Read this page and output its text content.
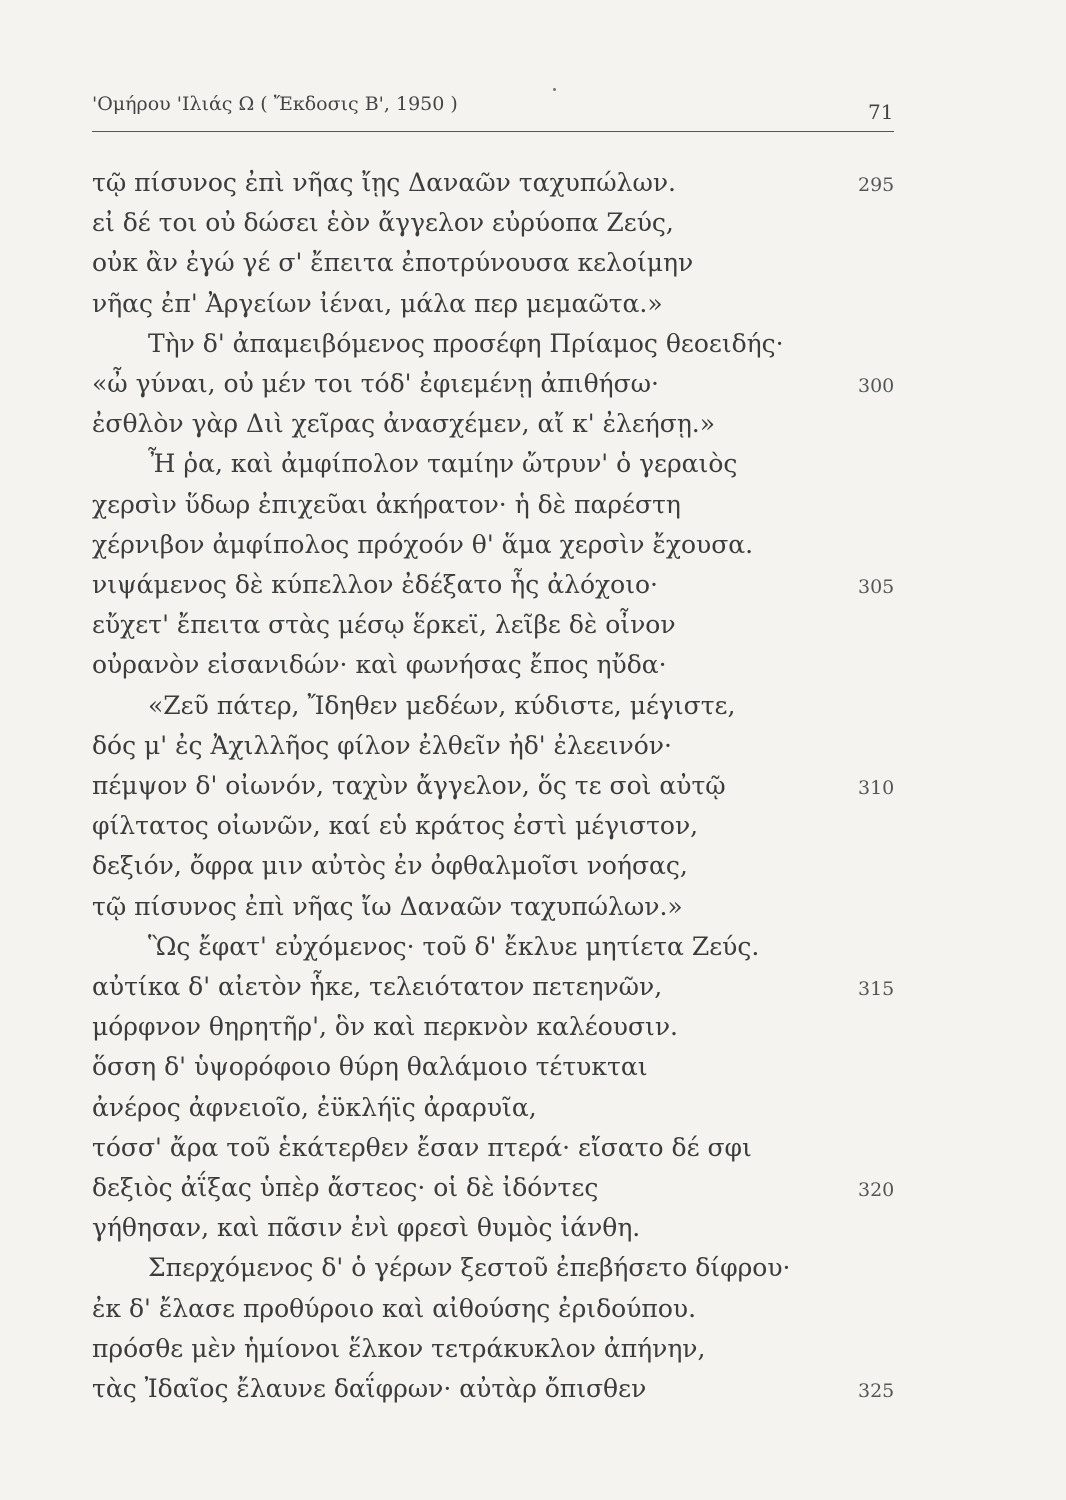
'Ομήρου 'Ιλιάς Ω ( Ἔκδοσις Β', 1950 )	71
τῷ πίσυνος ἐπὶ νῆας ἴῃς Δαναῶν ταχυπώλων.	295
εἰ δέ τοι οὐ δώσει ἑὸν ἄγγελον εὐρύοπα Ζεύς,
οὐκ ἂν ἐγώ γέ σ' ἔπειτα ἐποτρύνουσα κελοίμην
νῆας ἐπ' Ἀργείων ἰέναι, μάλα περ μεμαῶτα.»
Τὴν δ' ἀπαμειβόμενος προσέφη Πρίαμος θεοειδής·
«ὦ γύναι, οὐ μέν τοι τόδ' ἐφιεμένῃ ἀπιθήσω·	300
ἐσθλὸν γὰρ Διὶ χεῖρας ἀνασχέμεν, αἴ κ' ἐλεήσῃ.»
Ἦ ῥα, καὶ ἀμφίπολον ταμίην ὤτρυν' ὁ γεραιὸς
χερσὶν ὕδωρ ἐπιχεῦαι ἀκήρατον· ἡ δὲ παρέστη
χέρνιβον ἀμφίπολος πρόχοόν θ' ἅμα χερσὶν ἔχουσα.
νιψάμενος δὲ κύπελλον ἐδέξατο ἧς ἀλόχοιο·	305
εὔχετ' ἔπειτα στὰς μέσῳ ἕρκεϊ, λεῖβε δὲ οἶνον
οὐρανὸν εἰσανιδών· καὶ φωνήσας ἔπος ηὔδα·
«Ζεῦ πάτερ, Ἴδηθεν μεδέων, κύδιστε, μέγιστε,
δός μ' ἐς Ἀχιλλῆος φίλον ἐλθεῖν ἠδ' ἐλεεινόν·
πέμψον δ' οἰωνόν, ταχὺν ἄγγελον, ὅς τε σοὶ αὐτῷ	310
φίλτατος οἰωνῶν, καί εὑ κράτος ἐστὶ μέγιστον,
δεξιόν, ὄφρα μιν αὐτὸς ἐν ὀφθαλμοῖσι νοήσας,
τῷ πίσυνος ἐπὶ νῆας ἴω Δαναῶν ταχυπώλων.»
Ὣς ἔφατ' εὐχόμενος· τοῦ δ' ἔκλυε μητίετα Ζεύς.
αὐτίκα δ' αἰετὸν ἧκε, τελειότατον πετεηνῶν,	315
μόρφνον θηρητῆρ', ὃν καὶ περκνὸν καλέουσιν.
ὅσση δ' ὑψορόφοιο θύρη θαλάμοιο τέτυκται
ἀνέρος ἀφνειοῖο, ἐϋκλήϊς ἀραρυῖα,
τόσσ' ἄρα τοῦ ἑκάτερθεν ἔσαν πτερά· εἴσατο δέ σφι
δεξιὸς ἀΐξας ὑπὲρ ἄστεος· οἱ δὲ ἰδόντες	320
γήθησαν, καὶ πᾶσιν ἐνὶ φρεσὶ θυμὸς ἰάνθη.
Σπερχόμενος δ' ὁ γέρων ξεστοῦ ἐπεβήσετο δίφρου·
ἐκ δ' ἔλασε προθύροιο καὶ αἰθούσης ἐριδούπου.
πρόσθε μὲν ἡμίονοι ἕλκον τετράκυκλον ἀπήνην,
τὰς Ἰδαῖος ἔλαυνε δαΐφρων· αὐτὰρ ὄπισθεν	325
